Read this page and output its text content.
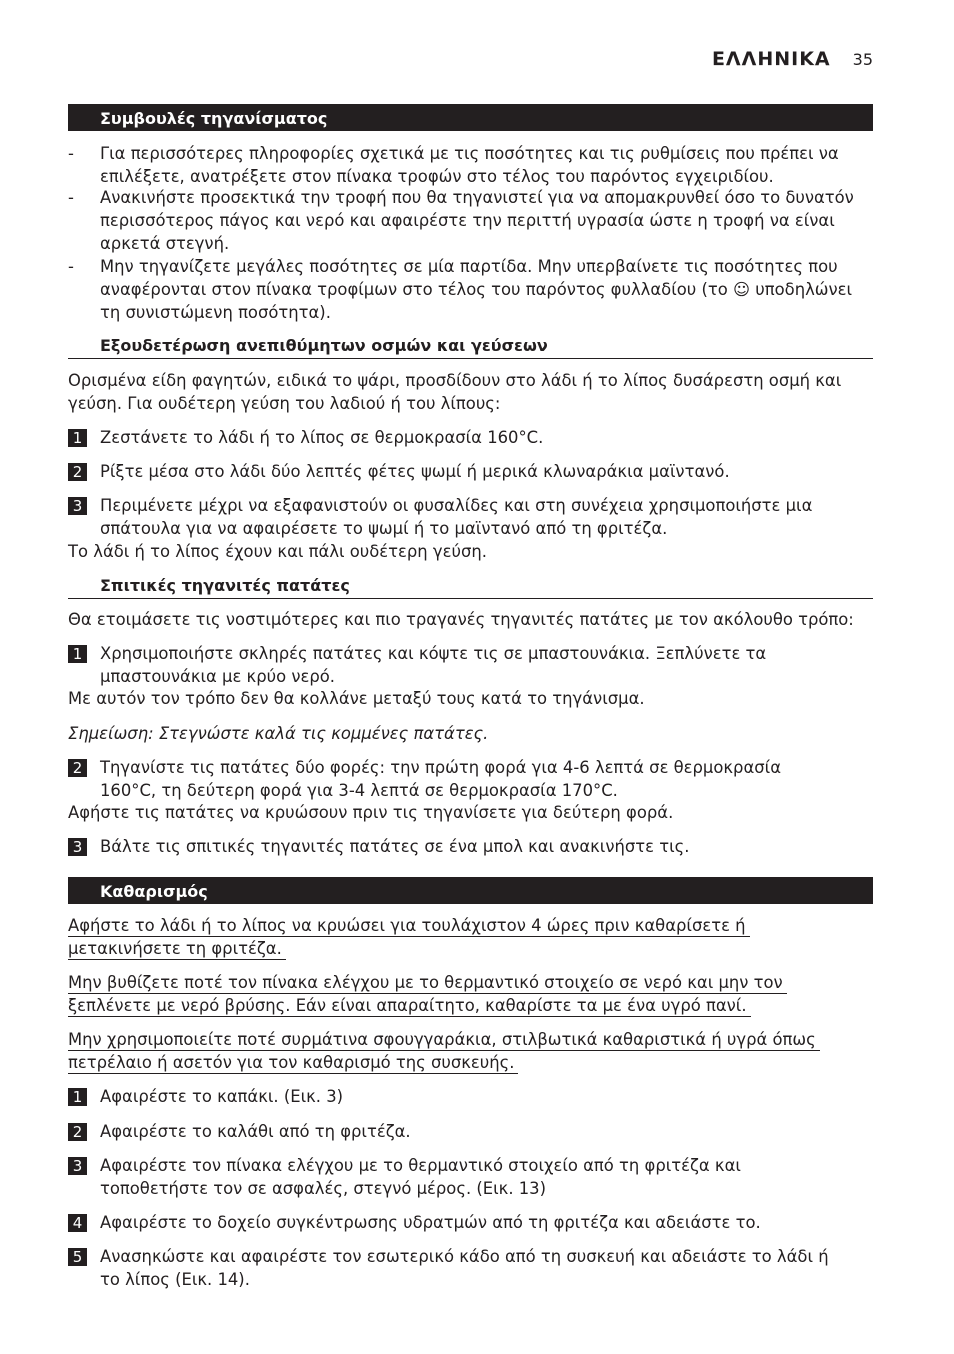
ΕΛΛΗΝΙΚΑ 35
Συμβουλές τηγανίσματος
-	Για περισσότερες πληροφορίες σχετικά με τις ποσότητες και τις ρυθμίσεις που πρέπει να
επιλέξετε, ανατρέξετε στον πίνακα τροφών στο τέλος του παρόντος εγχειριδίου.
-	Ανακινήστε προσεκτικά την τροφή που θα τηγανιστεί για να απομακρυνθεί όσο το δυνατόν
περισσότερος πάγος και νερό και αφαιρέστε την περιττή υγρασία ώστε η τροφή να είναι
αρκετά στεγνή.
-	Μην τηγανίζετε μεγάλες ποσότητες σε μία παρτίδα. Μην υπερβαίνετε τις ποσότητες που
αναφέρονται στον πίνακα τροφίμων στο τέλος του παρόντος φυλλαδίου (το ☺ υποδηλώνει
τη συνιστώμενη ποσότητα).
Εξουδετέρωση ανεπιθύμητων οσμών και γεύσεων
Ορισμένα είδη φαγητών, ειδικά το ψάρι, προσδίδουν στο λάδι ή το λίπος δυσάρεστη οσμή και
γεύση. Για ουδέτερη γεύση του λαδιού ή του λίπους:
1	Ζεστάνετε το λάδι ή το λίπος σε θερμοκρασία 160°C.
2	Ρίξτε μέσα στο λάδι δύο λεπτές φέτες ψωμί ή μερικά κλωναράκια μαϊντανό.
3	Περιμένετε μέχρι να εξαφανιστούν οι φυσαλίδες και στη συνέχεια χρησιμοποιήστε μια
σπάτουλα για να αφαιρέσετε το ψωμί ή το μαϊντανό από τη φριτέζα.
Το λάδι ή το λίπος έχουν και πάλι ουδέτερη γεύση.
Σπιτικές τηγανιτές πατάτες
Θα ετοιμάσετε τις νοστιμότερες και πιο τραγανές τηγανιτές πατάτες με τον ακόλουθο τρόπο:
1	Χρησιμοποιήστε σκληρές πατάτες και κόψτε τις σε μπαστουνάκια. Ξεπλύνετε τα
μπαστουνάκια με κρύο νερό.
Με αυτόν τον τρόπο δεν θα κολλάνε μεταξύ τους κατά το τηγάνισμα.
Σημείωση: Στεγνώστε καλά τις κομμένες πατάτες.
2	Τηγανίστε τις πατάτες δύο φορές: την πρώτη φορά για 4-6 λεπτά σε θερμοκρασία
160°C, τη δεύτερη φορά για 3-4 λεπτά σε θερμοκρασία 170°C.
Αφήστε τις πατάτες να κρυώσουν πριν τις τηγανίσετε για δεύτερη φορά.
3	Βάλτε τις σπιτικές τηγανιτές πατάτες σε ένα μπολ και ανακινήστε τις.
Καθαρισμός
Αφήστε το λάδι ή το λίπος να κρυώσει για τουλάχιστον 4 ώρες πριν καθαρίσετε ή
μετακινήσετε τη φριτέζα.
Μην βυθίζετε ποτέ τον πίνακα ελέγχου με το θερμαντικό στοιχείο σε νερό και μην τον
ξεπλένετε με νερό βρύσης. Εάν είναι απαραίτητο, καθαρίστε τα με ένα υγρό πανί.
Μην χρησιμοποιείτε ποτέ συρμάτινα σφουγγαράκια, στιλβωτικά καθαριστικά ή υγρά όπως
πετρέλαιο ή ασετόν για τον καθαρισμό της συσκευής.
1	Αφαιρέστε το καπάκι. (Εικ. 3)
2	Αφαιρέστε το καλάθι από τη φριτέζα.
3	Αφαιρέστε τον πίνακα ελέγχου με το θερμαντικό στοιχείο από τη φριτέζα και
τοποθετήστε τον σε ασφαλές, στεγνό μέρος. (Εικ. 13)
4	Αφαιρέστε το δοχείο συγκέντρωσης υδρατμών από τη φριτέζα και αδειάστε το.
5	Ανασηκώστε και αφαιρέστε τον εσωτερικό κάδο από τη συσκευή και αδειάστε το λάδι ή
το λίπος (Εικ. 14).
